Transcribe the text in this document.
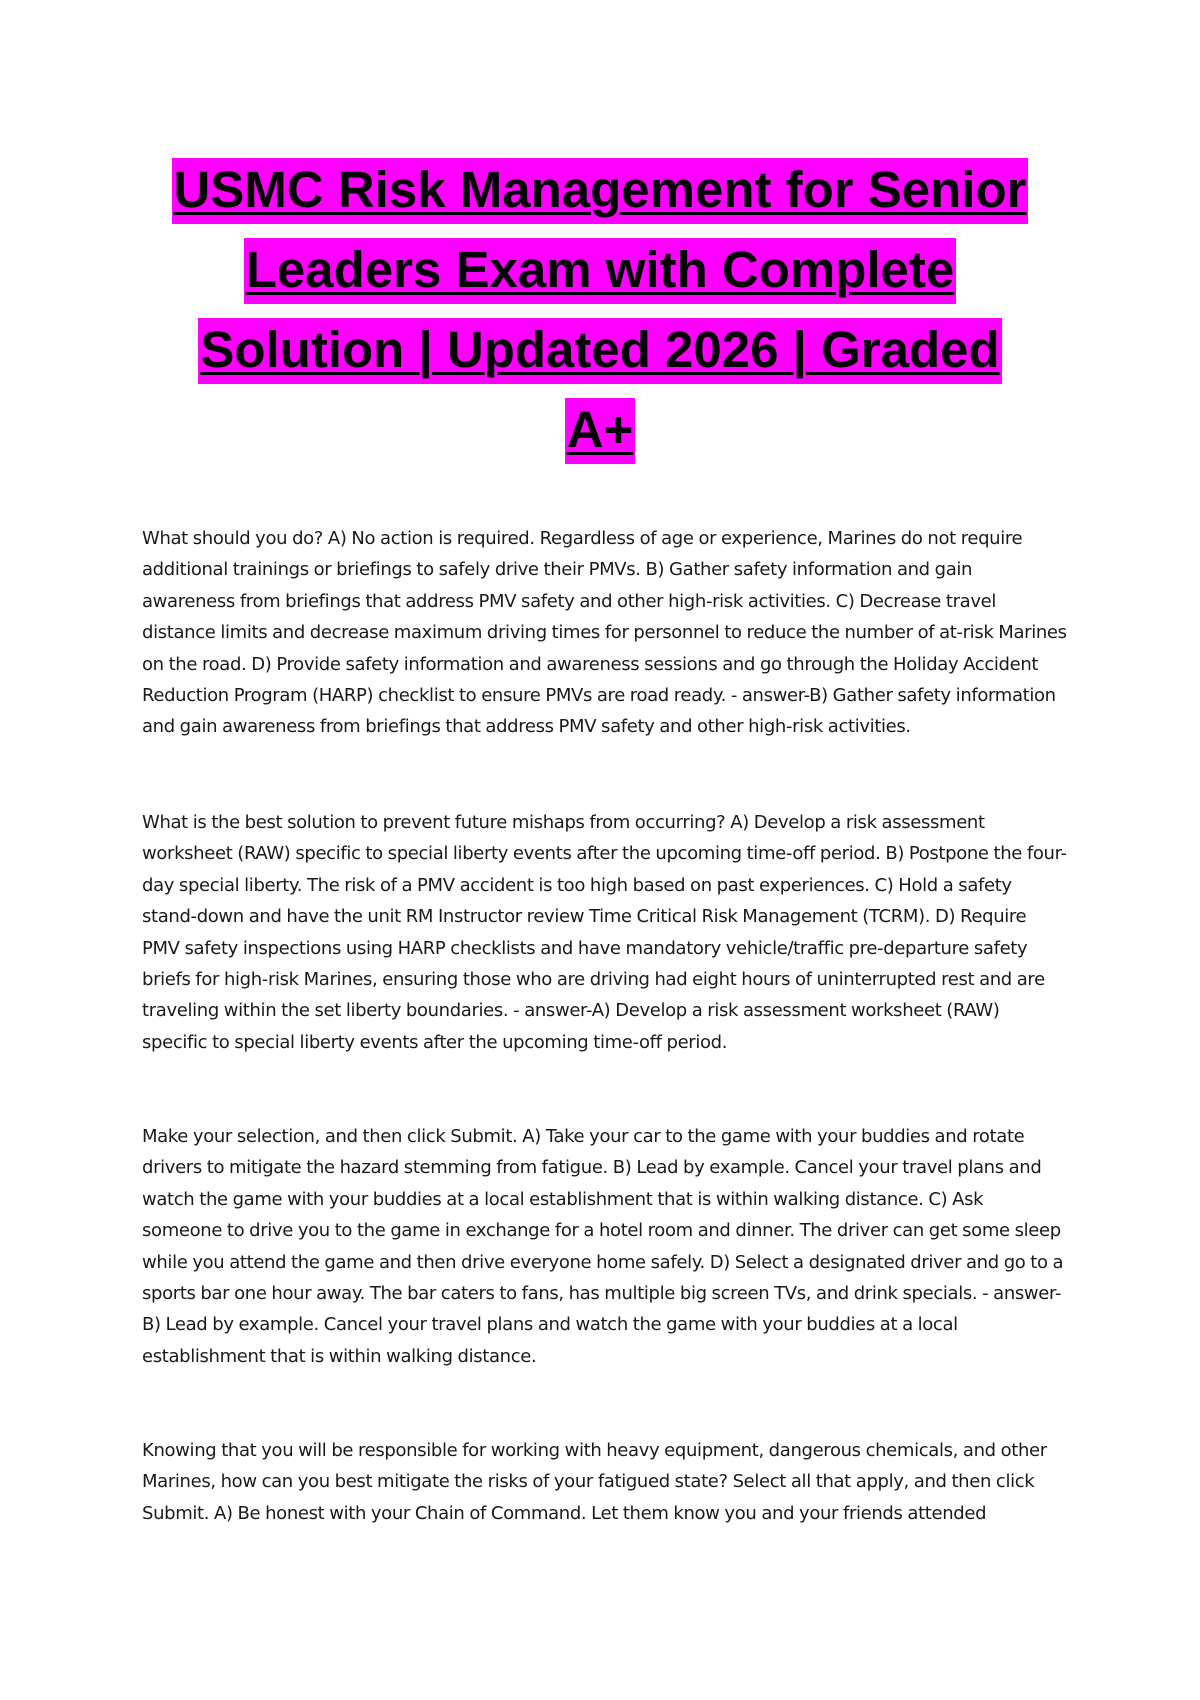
USMC Risk Management for Senior
Leaders Exam with Complete
Solution | Updated 2026 | Graded
A+

What should you do? A) No action is required. Regardless of age or experience, Marines do not require additional trainings or briefings to safely drive their PMVs. B) Gather safety information and gain awareness from briefings that address PMV safety and other high-risk activities. C) Decrease travel distance limits and decrease maximum driving times for personnel to reduce the number of at-risk Marines on the road. D) Provide safety information and awareness sessions and go through the Holiday Accident Reduction Program (HARP) checklist to ensure PMVs are road ready. - answer-B) Gather safety information and gain awareness from briefings that address PMV safety and other high-risk activities.

What is the best solution to prevent future mishaps from occurring? A) Develop a risk assessment worksheet (RAW) specific to special liberty events after the upcoming time-off period. B) Postpone the four-day special liberty. The risk of a PMV accident is too high based on past experiences. C) Hold a safety stand-down and have the unit RM Instructor review Time Critical Risk Management (TCRM). D) Require PMV safety inspections using HARP checklists and have mandatory vehicle/traffic pre-departure safety briefs for high-risk Marines, ensuring those who are driving had eight hours of uninterrupted rest and are traveling within the set liberty boundaries. - answer-A) Develop a risk assessment worksheet (RAW) specific to special liberty events after the upcoming time-off period.

Make your selection, and then click Submit. A) Take your car to the game with your buddies and rotate drivers to mitigate the hazard stemming from fatigue. B) Lead by example. Cancel your travel plans and watch the game with your buddies at a local establishment that is within walking distance. C) Ask someone to drive you to the game in exchange for a hotel room and dinner. The driver can get some sleep while you attend the game and then drive everyone home safely. D) Select a designated driver and go to a sports bar one hour away. The bar caters to fans, has multiple big screen TVs, and drink specials. - answer-B) Lead by example. Cancel your travel plans and watch the game with your buddies at a local establishment that is within walking distance.

Knowing that you will be responsible for working with heavy equipment, dangerous chemicals, and other Marines, how can you best mitigate the risks of your fatigued state? Select all that apply, and then click Submit. A) Be honest with your Chain of Command. Let them know you and your friends attended
